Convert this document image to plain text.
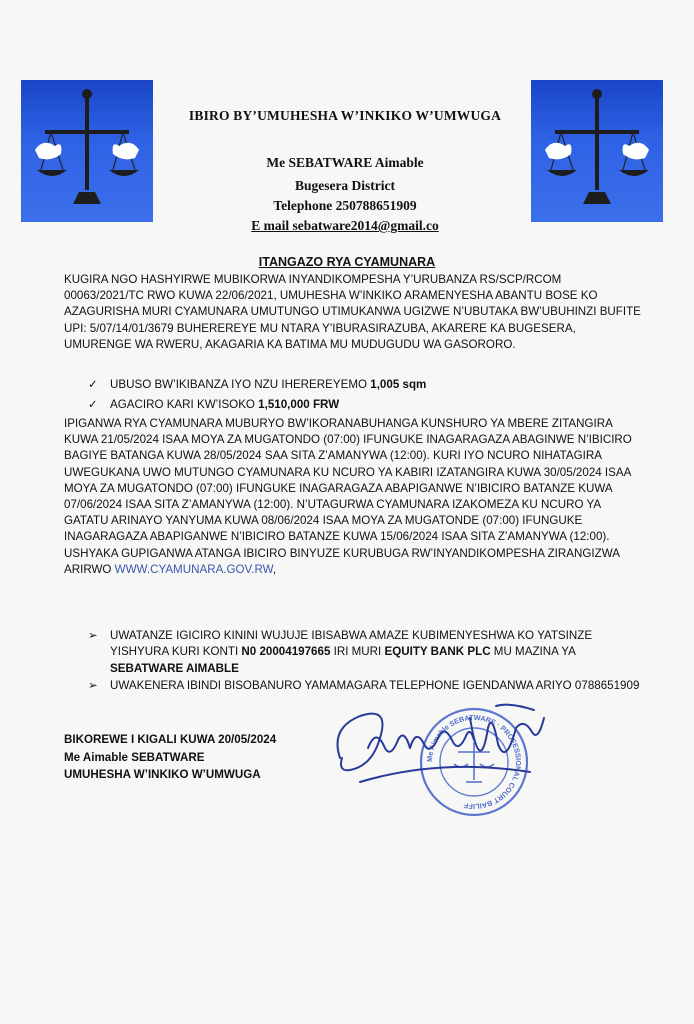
IBIRO BY’UMUHESHA W’INKIKO W’UMWUGA
Me SEBATWARE Aimable
Bugesera District
Telephone 250788651909
E mail sebatware2014@gmail.co
ITANGAZO RYA CYAMUNARA
KUGIRA NGO HASHYIRWE MUBIKORWA INYANDIKOMPESHA Y’URUBANZA RS/SCP/RCOM 00063/2021/TC RWO KUWA 22/06/2021, UMUHESHA W’INKIKO ARAMENYESHA ABANTU BOSE KO AZAGURISHA MURI CYAMUNARA UMUTUNGO UTIMUKANWA UGIZWE N’UBUTAKA BW’UBUHINZI BUFITE UPI: 5/07/14/01/3679 BUHEREREYE MU NTARA Y’IBURASIRAZUBA, AKARERE KA BUGESERA, UMURENGE WA RWERU, AKAGARIA KA BATIMA MU MUDUGUDU WA GASORORO.
✓ UBUSO BW’IKIBANZA IYO NZU IHEREREYEMO 1,005 sqm
✓ AGACIRO KARI KW’ISOKO 1,510,000 FRW
IPIGANWA RYA CYAMUNARA MUBURYO BW’IKORANABUHANGA KUNSHURO YA MBERE ZITANGIRA KUWA 21/05/2024 ISAA MOYA ZA MUGATONDO (07:00) IFUNGUKE INAGARAGAZA ABAGINWE N’IBICIRO BAGIYE BATANGA KUWA 28/05/2024 SAA SITA Z’AMANYWA (12:00). KURI IYO NCURO NIHATAGIRA UWEGUKANA UWO MUTUNGO CYAMUNARA KU NCURO YA KABIRI IZATANGIRA KUWA 30/05/2024 ISAA MOYA ZA MUGATONDO (07:00) IFUNGUKE INAGARAGAZA ABAPIGANWE N’IBICIRO BATANZE KUWA 07/06/2024 ISAA SITA Z’AMANYWA (12:00). N’UTAGURWA CYAMUNARA IZAKOMEZA KU NCURO YA GATATU ARINAYO YANYUMA KUWA 08/06/2024 ISAA MOYA ZA MUGATONDE (07:00) IFUNGUKE INAGARAGAZA ABAPIGANWE N’IBICIRO BATANZE KUWA 15/06/2024 ISAA SITA Z’AMANYWA (12:00). USHYAKA GUPIGANWA ATANGA IBICIRO BINYUZE KURUBUGA RW’INYANDIKOMPESHA ZIRANGIZWA ARIRWO WWW.CYAMUNARA.GOV.RW,
➢	UWATANZE IGICIRO KININI WUJUJE IBISABWA AMAZE KUBIMENYESHWA KO YATSINZE YISHYURA KURI KONTI N0 20004197665 IRI MURI EQUITY BANK PLC MU MAZINA YA SEBATWARE AIMABLE
➢	UWAKENERA IBINDI BISOBANURO YAMAMAGARA TELEPHONE IGENDANWA ARIYO 0788651909
BIKOREWE I KIGALI KUWA 20/05/2024
Me Aimable SEBATWARE
UMUHESHA W’INKIKO W’UMWUGA
Me Aimable SEBATWARE · PROFESSIONAL COURT BAILIFF
